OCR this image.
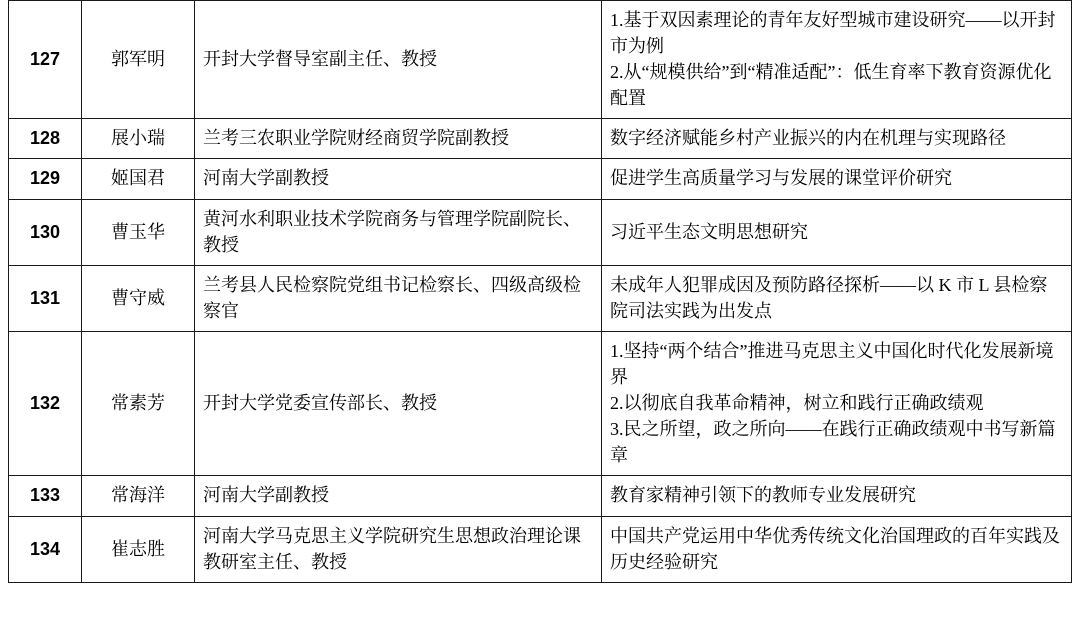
127	郭军明	开封大学督导室副主任、教授	1.基于双因素理论的青年友好型城市建设研究——以开封市为例
2.从“规模供给”到“精准适配”：低生育率下教育资源优化配置

128	展小瑞	兰考三农职业学院财经商贸学院副教授	数字经济赋能乡村产业振兴的内在机理与实现路径

129	姬国君	河南大学副教授	促进学生高质量学习与发展的课堂评价研究

130	曹玉华	黄河水利职业技术学院商务与管理学院副院长、教授	习近平生态文明思想研究

131	曹守威	兰考县人民检察院党组书记检察长、四级高级检察官	未成年人犯罪成因及预防路径探析——以 K 市 L 县检察院司法实践为出发点

132	常素芳	开封大学党委宣传部长、教授	1.坚持“两个结合”推进马克思主义中国化时代化发展新境界
2.以彻底自我革命精神，树立和践行正确政绩观
3.民之所望，政之所向——在践行正确政绩观中书写新篇章

133	常海洋	河南大学副教授	教育家精神引领下的教师专业发展研究

134	崔志胜	河南大学马克思主义学院研究生思想政治理论课教研室主任、教授	中国共产党运用中华优秀传统文化治国理政的百年实践及历史经验研究
